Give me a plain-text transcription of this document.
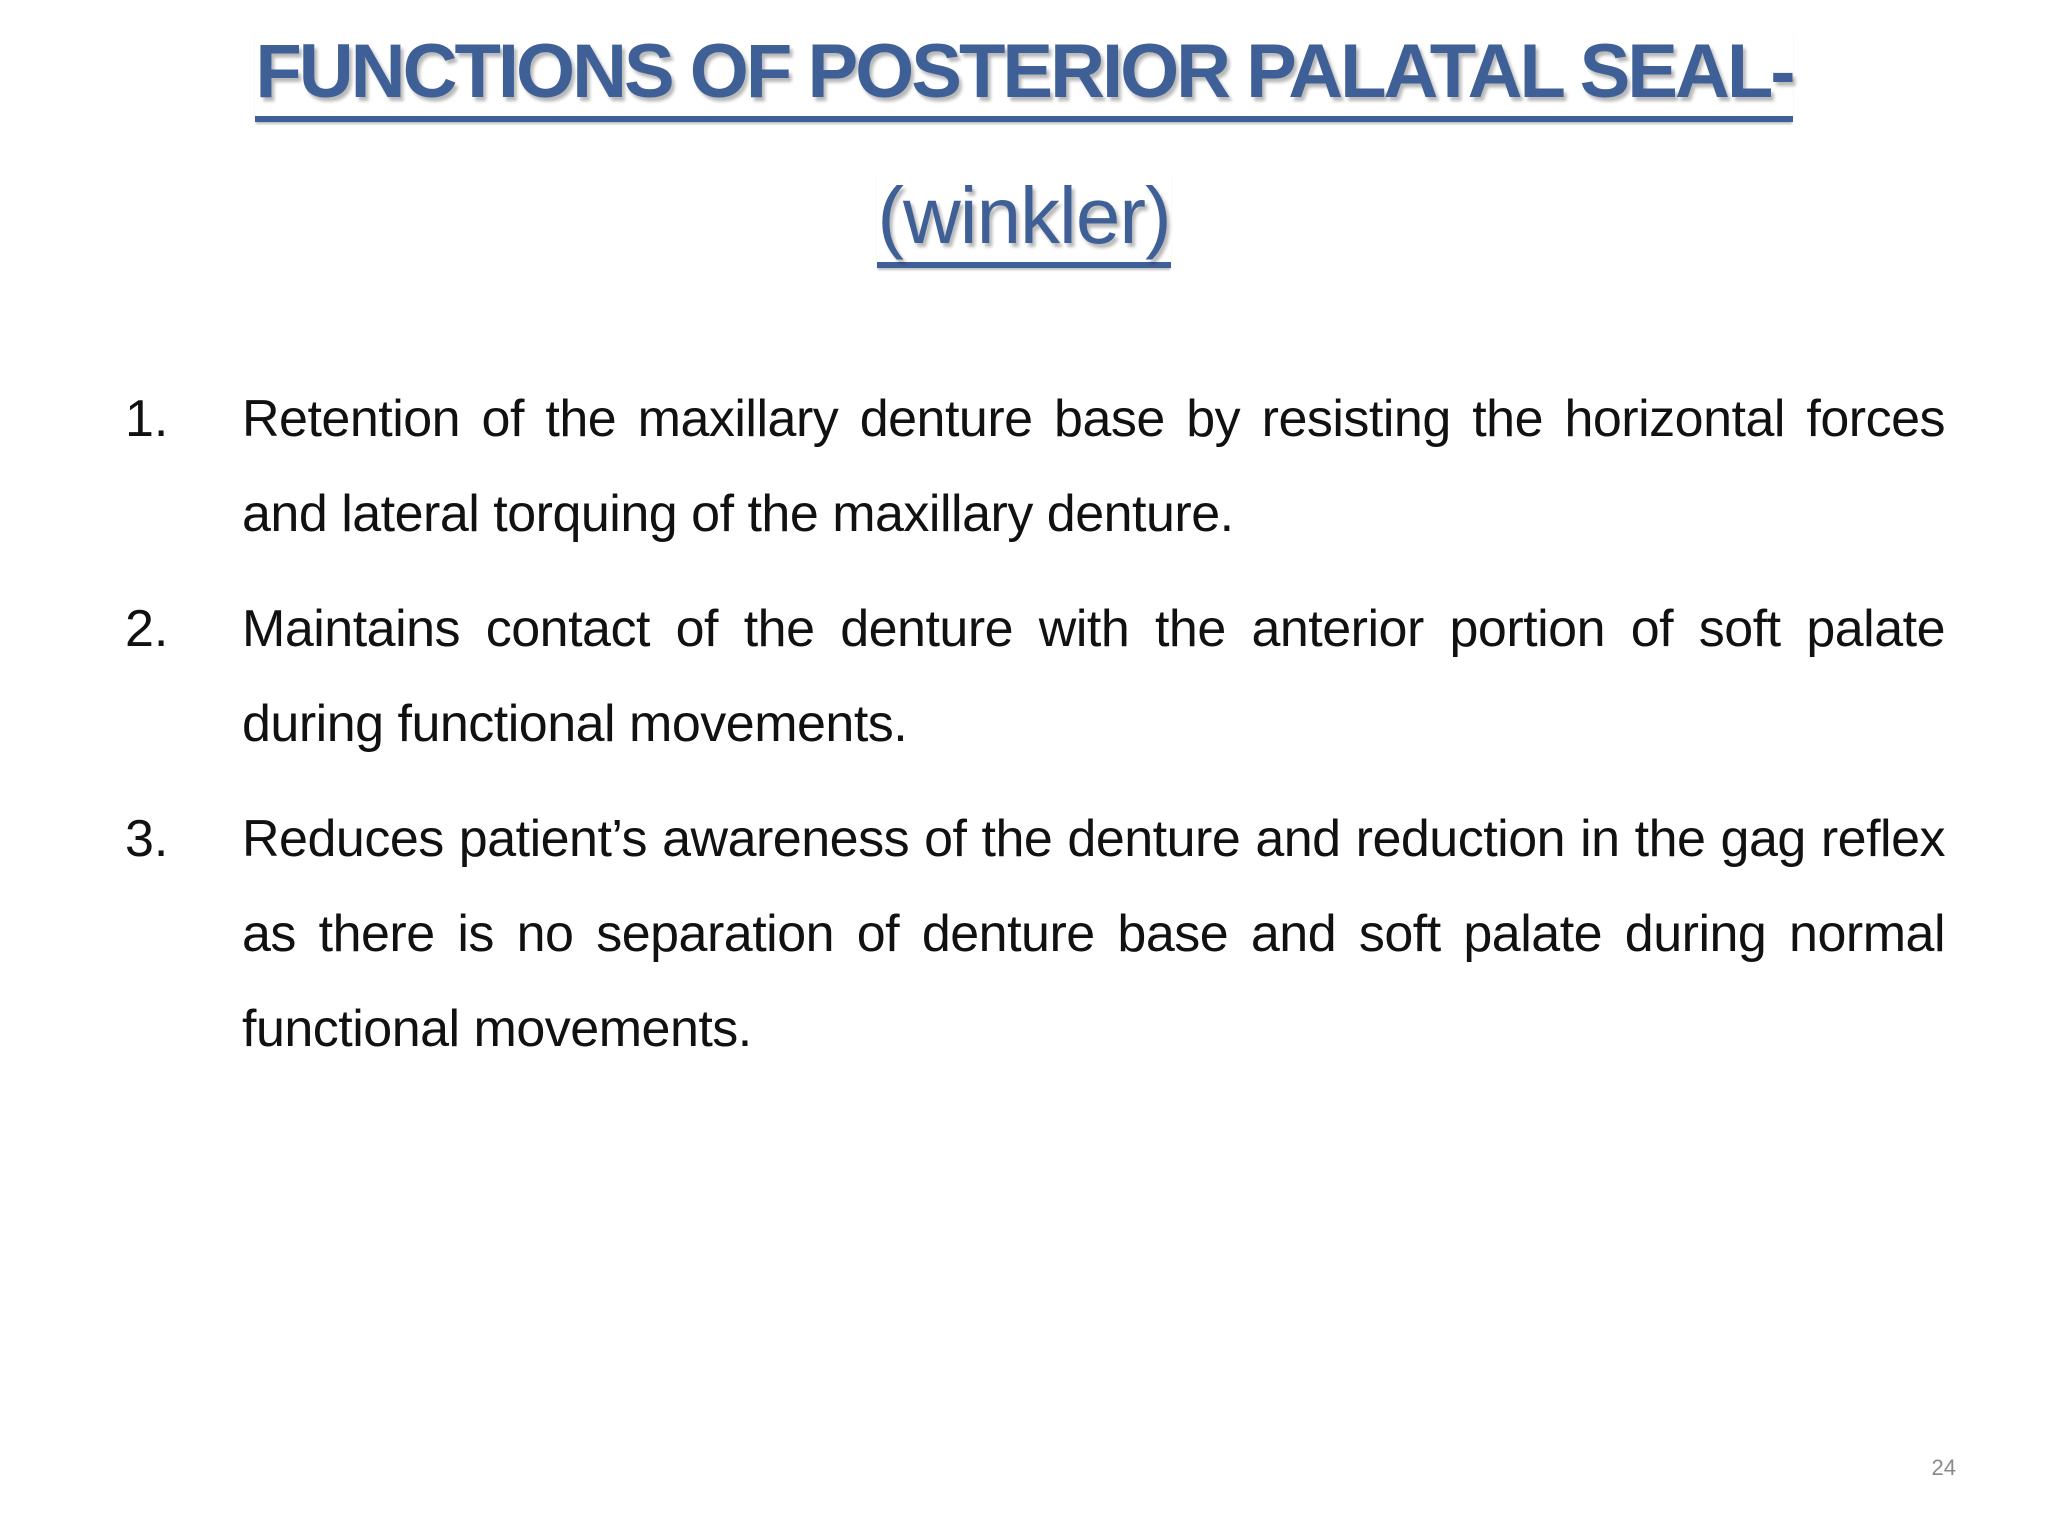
FUNCTIONS OF POSTERIOR PALATAL SEAL-
(winkler)
1. Retention of the maxillary denture base by resisting the horizontal forces and lateral torquing of the maxillary denture.
2. Maintains contact of the denture with the anterior portion of soft palate during functional movements.
3. Reduces patient’s awareness of the denture and reduction in the gag reflex as there is no separation of denture base and soft palate during normal functional movements.
24
